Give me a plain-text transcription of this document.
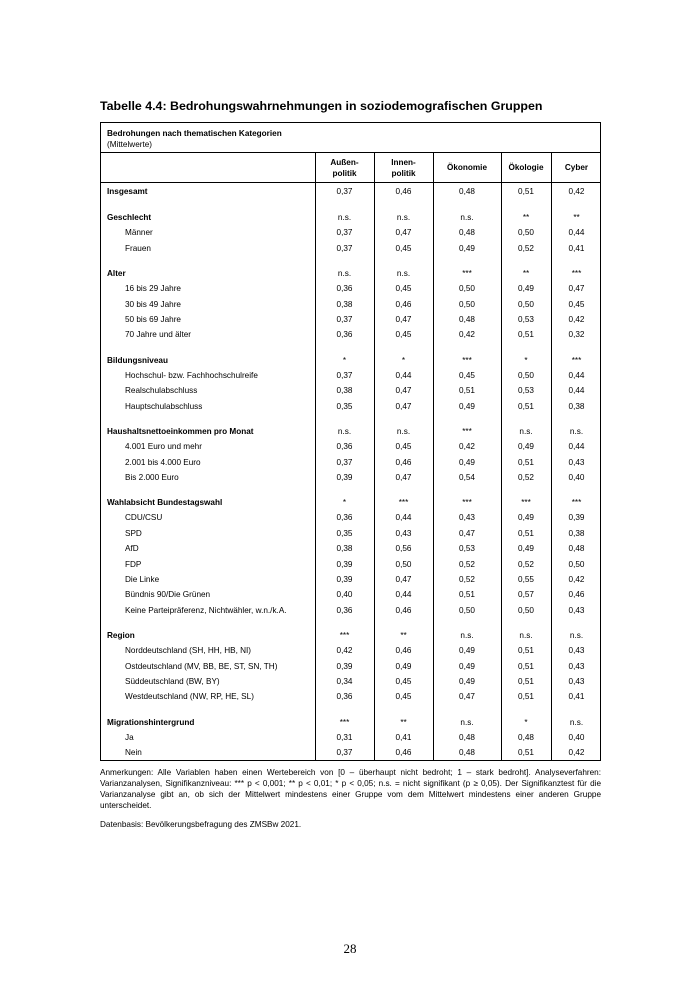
Tabelle 4.4: Bedrohungswahrnehmungen in soziodemografischen Gruppen
Bedrohungen nach thematischen Kategorien
(Mittelwerte)
Außen-
politik
Innen-
politik
Ökonomie	Ökologie	Cyber
Insgesamt	0,37	0,46	0,48	0,51	0,42
Geschlecht	n.s.	n.s.	n.s.	**	**
Männer	0,37	0,47	0,48	0,50	0,44
Frauen	0,37	0,45	0,49	0,52	0,41
Alter	n.s.	n.s.	***	**	***
16 bis 29 Jahre	0,36	0,45	0,50	0,49	0,47
30 bis 49 Jahre	0,38	0,46	0,50	0,50	0,45
50 bis 69 Jahre	0,37	0,47	0,48	0,53	0,42
70 Jahre und älter	0,36	0,45	0,42	0,51	0,32
Bildungsniveau	*	*	***	*	***
Hochschul- bzw. Fachhochschulreife	0,37	0,44	0,45	0,50	0,44
Realschulabschluss	0,38	0,47	0,51	0,53	0,44
Hauptschulabschluss	0,35	0,47	0,49	0,51	0,38
Haushaltsnettoeinkommen pro Monat	n.s.	n.s.	***	n.s.	n.s.
4.001 Euro und mehr	0,36	0,45	0,42	0,49	0,44
2.001 bis 4.000 Euro	0,37	0,46	0,49	0,51	0,43
Bis 2.000 Euro	0,39	0,47	0,54	0,52	0,40
Wahlabsicht Bundestagswahl	*	***	***	***	***
CDU/CSU	0,36	0,44	0,43	0,49	0,39
SPD	0,35	0,43	0,47	0,51	0,38
AfD	0,38	0,56	0,53	0,49	0,48
FDP	0,39	0,50	0,52	0,52	0,50
Die Linke	0,39	0,47	0,52	0,55	0,42
Bündnis 90/Die Grünen	0,40	0,44	0,51	0,57	0,46
Keine Parteipräferenz, Nichtwähler, w.n./k.A.	0,36	0,46	0,50	0,50	0,43
Region	***	**	n.s.	n.s.	n.s.
Norddeutschland (SH, HH, HB, NI)	0,42	0,46	0,49	0,51	0,43
Ostdeutschland (MV, BB, BE, ST, SN, TH)	0,39	0,49	0,49	0,51	0,43
Süddeutschland (BW, BY)	0,34	0,45	0,49	0,51	0,43
Westdeutschland (NW, RP, HE, SL)	0,36	0,45	0,47	0,51	0,41
Migrationshintergrund	***	**	n.s.	*	n.s.
Ja	0,31	0,41	0,48	0,48	0,40
Nein	0,37	0,46	0,48	0,51	0,42

Anmerkungen: Alle Variablen haben einen Wertebereich von [0 – überhaupt nicht bedroht; 1 – stark bedroht]. Analyseverfahren: Varianzanalysen, Signifikanzniveau: *** p < 0,001; ** p < 0,01; * p < 0,05; n.s. = nicht signifikant (p ≥ 0,05). Der Signifikanztest für die Varianzanalyse gibt an, ob sich der Mittelwert mindestens einer Gruppe vom dem Mittelwert mindestens einer anderen Gruppe unterscheidet.

Datenbasis: Bevölkerungsbefragung des ZMSBw 2021.

28
